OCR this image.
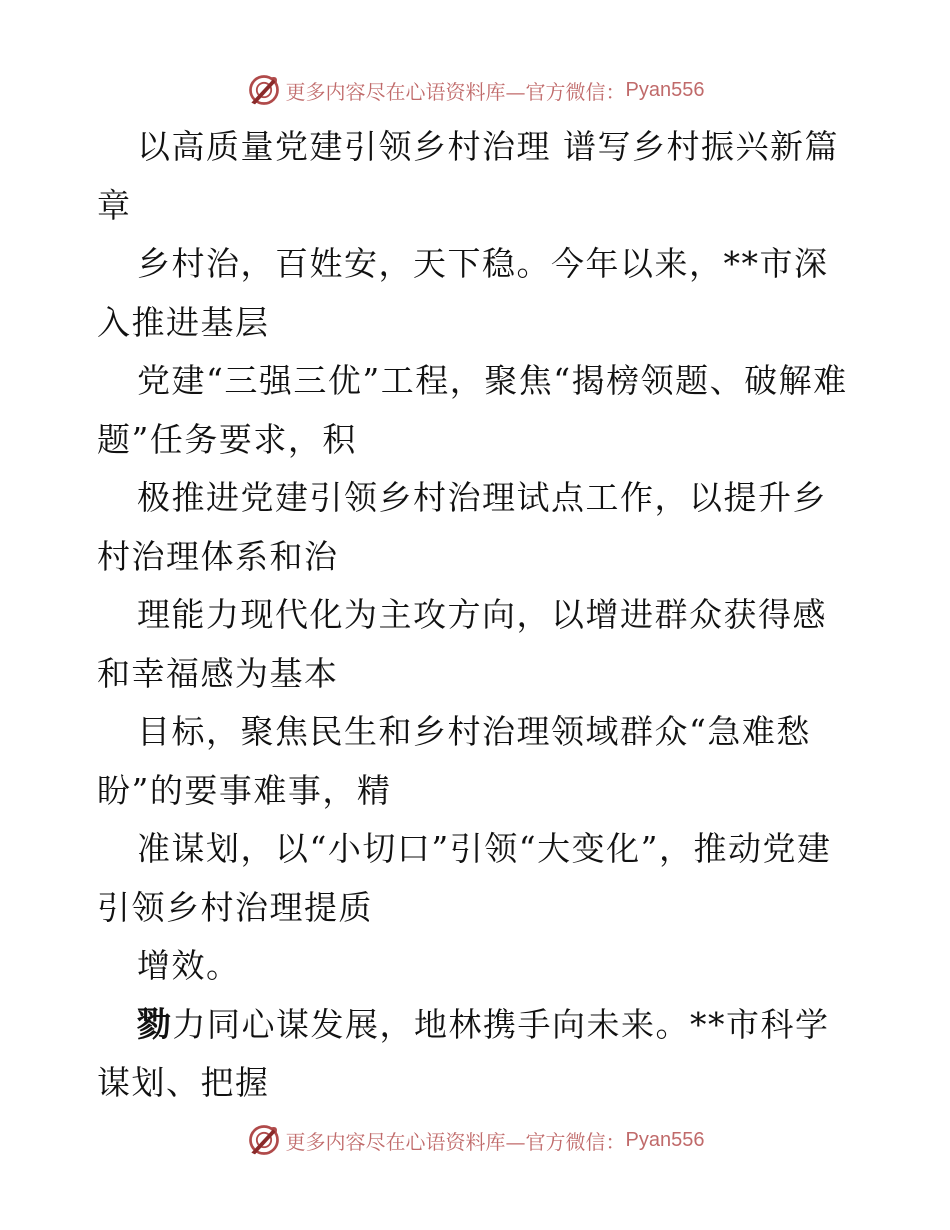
更多内容尽在心语资料库—官方微信： Pyan556

以高质量党建引领乡村治理 谱写乡村振兴新篇章

乡村治，百姓安，天下稳。今年以来，**市深入推进基层

党建“三强三优”工程，聚焦“揭榜领题、破解难题”任务要求，积

极推进党建引领乡村治理试点工作，以提升乡村治理体系和治

理能力现代化为主攻方向，以增进群众获得感和幸福感为基本

目标，聚焦民生和乡村治理领域群众“急难愁盼”的要事难事，精

准谋划，以“小切口”引领“大变化”，推动党建引领乡村治理提质

增效。

勠力同心谋发展，地林携手向未来。**市科学谋划、把握

更多内容尽在心语资料库—官方微信： Pyan556
